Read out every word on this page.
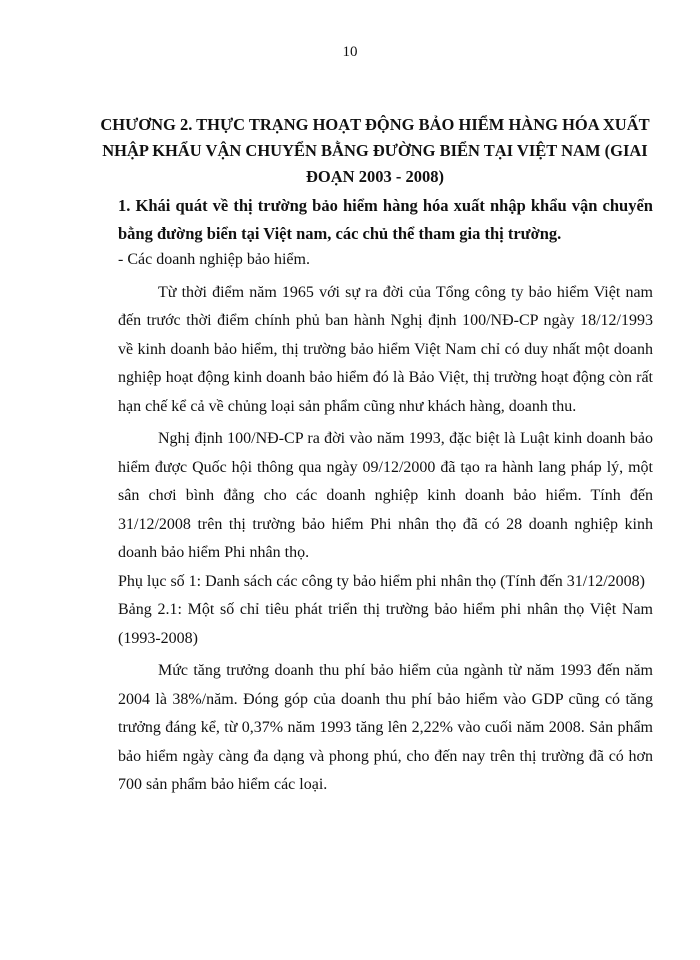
10
CHƯƠNG 2. THỰC TRẠNG HOẠT ĐỘNG BẢO HIỂM HÀNG HÓA XUẤT NHẬP KHẨU VẬN CHUYỂN BẰNG ĐƯỜNG BIỂN TẠI VIỆT NAM (GIAI ĐOẠN 2003 - 2008)
1. Khái quát về thị trường bảo hiểm hàng hóa xuất nhập khẩu vận chuyển bằng đường biển tại Việt nam, các chủ thể tham gia thị trường.

- Các doanh nghiệp bảo hiểm.

Từ thời điểm năm 1965 với sự ra đời của Tổng công ty bảo hiểm Việt nam đến trước thời điểm chính phủ ban hành Nghị định 100/NĐ-CP ngày 18/12/1993 về kinh doanh bảo hiểm, thị trường bảo hiểm Việt Nam chỉ có duy nhất một doanh nghiệp hoạt động kinh doanh bảo hiểm đó là Bảo Việt, thị trường hoạt động còn rất hạn chế kể cả về chủng loại sản phẩm cũng như khách hàng, doanh thu.

Nghị định 100/NĐ-CP ra đời vào năm 1993, đặc biệt là Luật kinh doanh bảo hiểm được Quốc hội thông qua ngày 09/12/2000 đã tạo ra hành lang pháp lý, một sân chơi bình đẳng cho các doanh nghiệp kinh doanh bảo hiểm. Tính đến 31/12/2008 trên thị trường bảo hiểm Phi nhân thọ đã có 28 doanh nghiệp kinh doanh bảo hiểm Phi nhân thọ.

Phụ lục số 1: Danh sách các công ty bảo hiểm phi nhân thọ (Tính đến 31/12/2008)

Bảng 2.1: Một số chỉ tiêu phát triển thị trường bảo hiểm phi nhân thọ Việt Nam (1993-2008)

Mức tăng trưởng doanh thu phí bảo hiểm của ngành từ năm 1993 đến năm 2004 là 38%/năm. Đóng góp của doanh thu phí bảo hiểm vào GDP cũng có tăng trưởng đáng kể, từ 0,37% năm 1993 tăng lên 2,22% vào cuối năm 2008. Sản phẩm bảo hiểm ngày càng đa dạng và phong phú, cho đến nay trên thị trường đã có hơn 700 sản phẩm bảo hiểm các loại.
